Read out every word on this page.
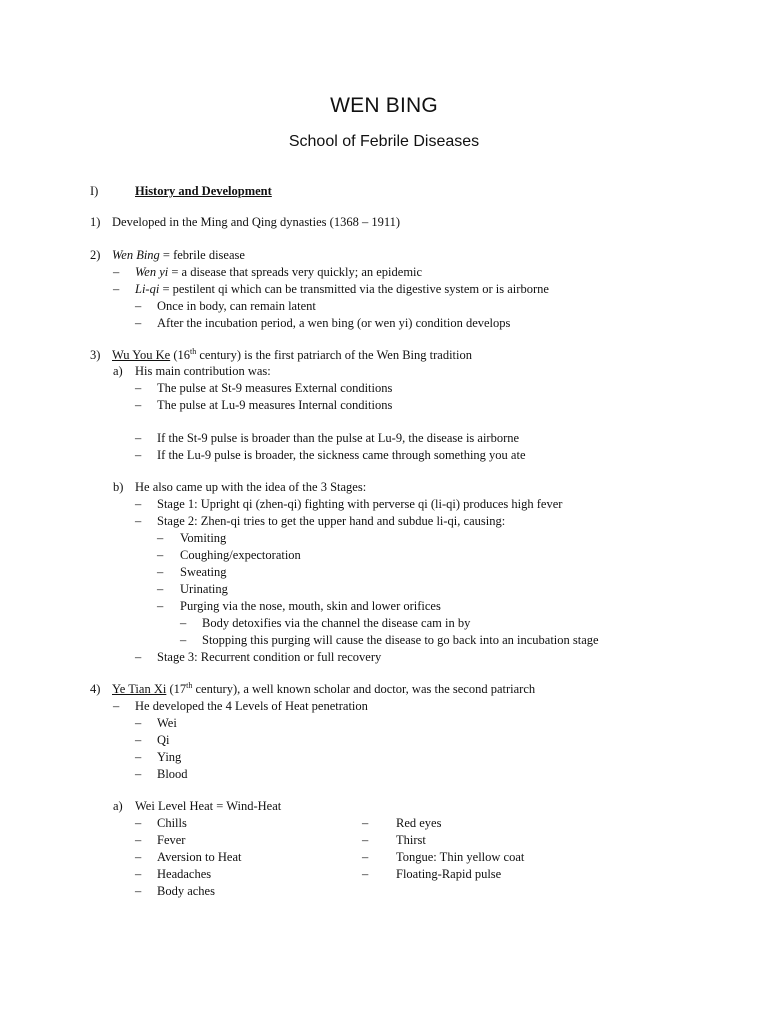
WEN BING
School of Febrile Diseases
I)	History and Development
1) Developed in the Ming and Qing dynasties (1368 – 1911)
2) Wen Bing = febrile disease
– Wen yi = a disease that spreads very quickly; an epidemic
– Li-qi = pestilent qi which can be transmitted via the digestive system or is airborne
– Once in body, can remain latent
– After the incubation period, a wen bing (or wen yi) condition develops
3) Wu You Ke (16th century) is the first patriarch of the Wen Bing tradition
a) His main contribution was:
– The pulse at St-9 measures External conditions
– The pulse at Lu-9 measures Internal conditions
– If the St-9 pulse is broader than the pulse at Lu-9, the disease is airborne
– If the Lu-9 pulse is broader, the sickness came through something you ate
b) He also came up with the idea of the 3 Stages:
– Stage 1: Upright qi (zhen-qi) fighting with perverse qi (li-qi) produces high fever
– Stage 2: Zhen-qi tries to get the upper hand and subdue li-qi, causing:
– Vomiting
– Coughing/expectoration
– Sweating
– Urinating
– Purging via the nose, mouth, skin and lower orifices
– Body detoxifies via the channel the disease cam in by
– Stopping this purging will cause the disease to go back into an incubation stage
– Stage 3: Recurrent condition or full recovery
4) Ye Tian Xi (17th century), a well known scholar and doctor, was the second patriarch
– He developed the 4 Levels of Heat penetration
– Wei
– Qi
– Ying
– Blood
a) Wei Level Heat = Wind-Heat
– Chills
– Fever
– Aversion to Heat
– Headaches
– Body aches
– Red eyes
– Thirst
– Tongue: Thin yellow coat
– Floating-Rapid pulse
